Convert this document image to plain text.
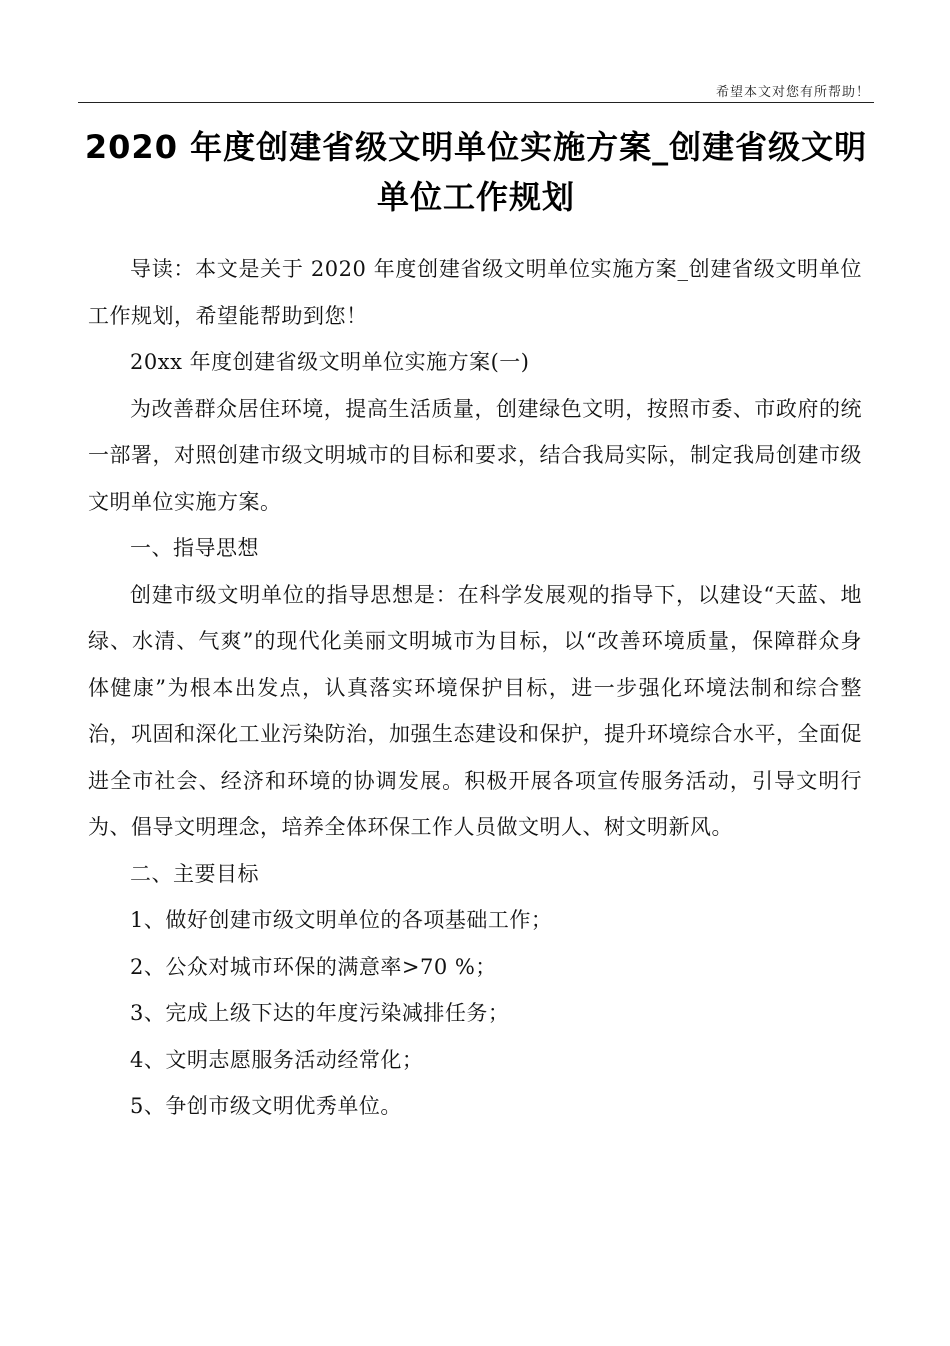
希望本文对您有所帮助！
2020 年度创建省级文明单位实施方案_创建省级文明单位工作规划

导读：本文是关于 2020 年度创建省级文明单位实施方案_创建省级文明单位工作规划，希望能帮助到您！

20xx 年度创建省级文明单位实施方案(一)

为改善群众居住环境，提高生活质量，创建绿色文明，按照市委、市政府的统一部署，对照创建市级文明城市的目标和要求，结合我局实际，制定我局创建市级文明单位实施方案。

一、指导思想

创建市级文明单位的指导思想是：在科学发展观的指导下，以建设“天蓝、地绿、水清、气爽”的现代化美丽文明城市为目标，以“改善环境质量，保障群众身体健康”为根本出发点，认真落实环境保护目标，进一步强化环境法制和综合整治，巩固和深化工业污染防治，加强生态建设和保护，提升环境综合水平，全面促进全市社会、经济和环境的协调发展。积极开展各项宣传服务活动，引导文明行为、倡导文明理念，培养全体环保工作人员做文明人、树文明新风。

二、主要目标

1、做好创建市级文明单位的各项基础工作；

2、公众对城市环保的满意率>70 %；

3、完成上级下达的年度污染减排任务；

4、文明志愿服务活动经常化；

5、争创市级文明优秀单位。
